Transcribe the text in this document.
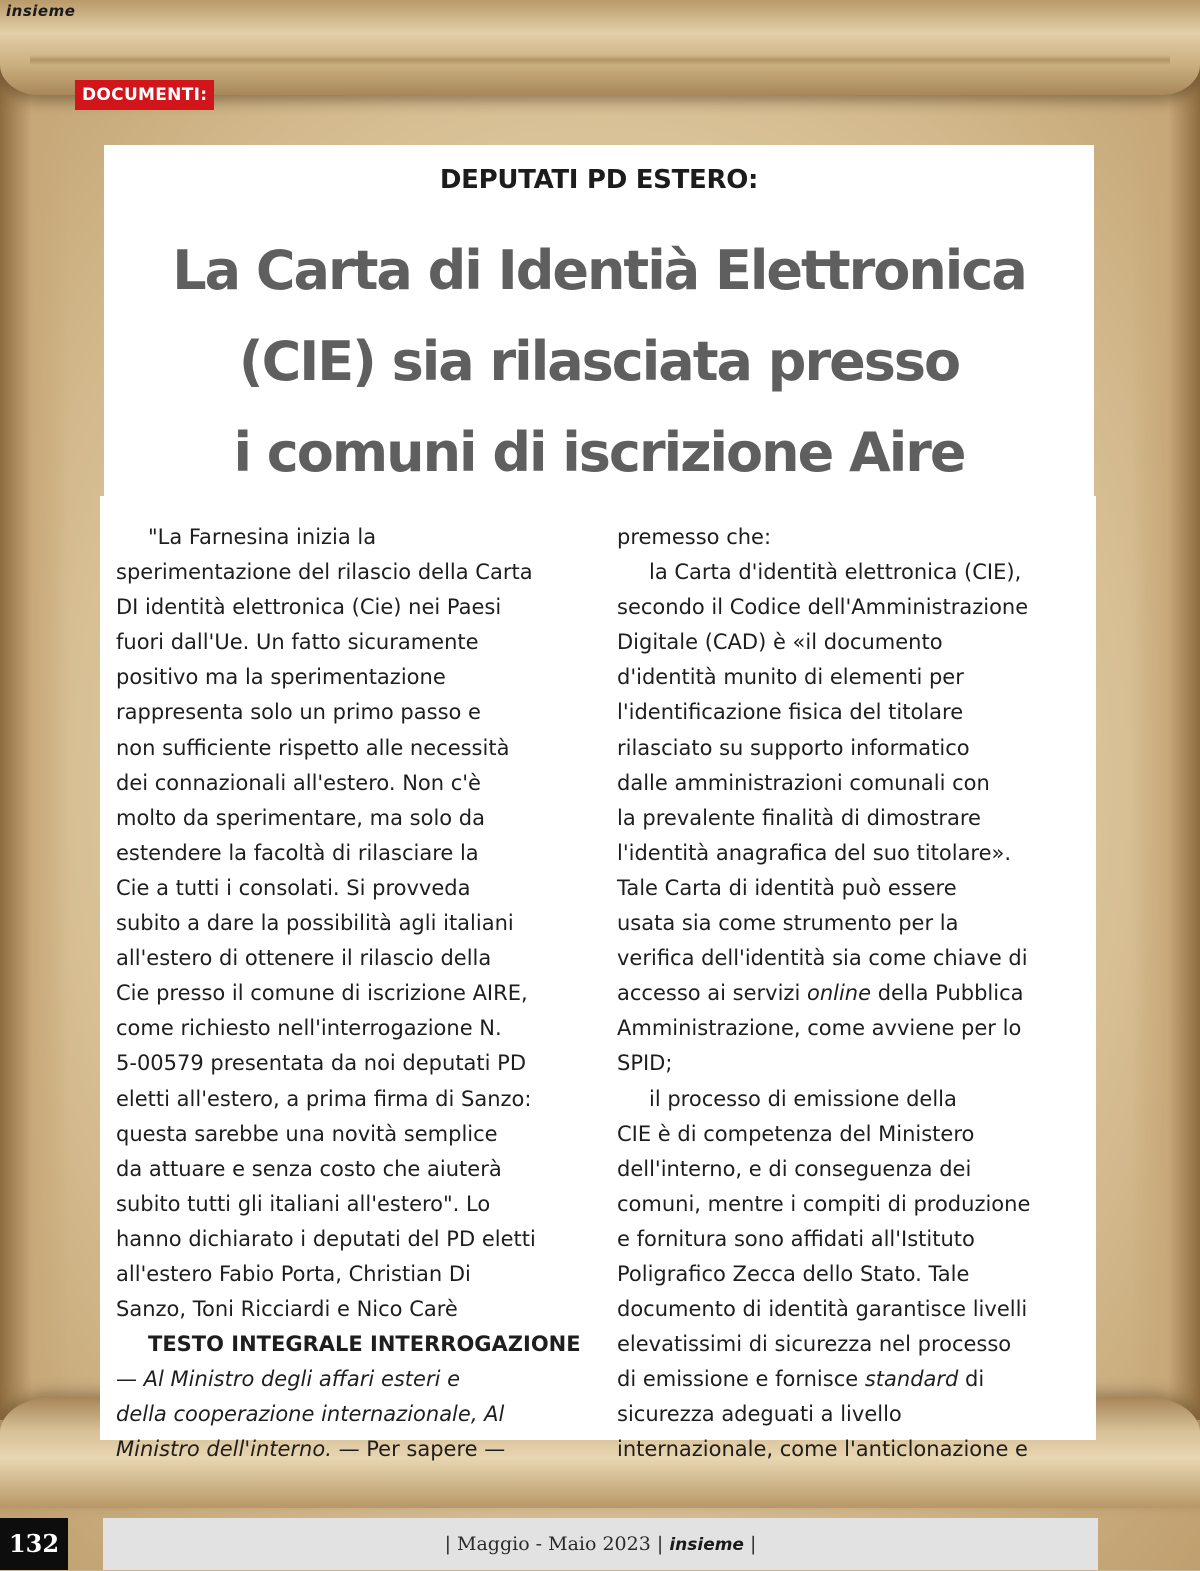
insieme
DOCUMENTI:
DEPUTATI PD ESTERO:
La Carta di Identià Elettronica
(CIE) sia rilasciata presso
i comuni di iscrizione Aire
"La Farnesina inizia la
sperimentazione del rilascio della Carta
DI identità elettronica (Cie) nei Paesi
fuori dall'Ue. Un fatto sicuramente
positivo ma la sperimentazione
rappresenta solo un primo passo e
non sufficiente rispetto alle necessità
dei connazionali all'estero. Non c'è
molto da sperimentare, ma solo da
estendere la facoltà di rilasciare la
Cie a tutti i consolati. Si provveda
subito a dare la possibilità agli italiani
all'estero di ottenere il rilascio della
Cie presso il comune di iscrizione AIRE,
come richiesto nell'interrogazione N.
5-00579 presentata da noi deputati PD
eletti all'estero, a prima firma di Sanzo:
questa sarebbe una novità semplice
da attuare e senza costo che aiuterà
subito tutti gli italiani all'estero". Lo
hanno dichiarato i deputati del PD eletti
all'estero Fabio Porta, Christian Di
Sanzo, Toni Ricciardi e Nico Carè
TESTO INTEGRALE INTERROGAZIONE
— Al Ministro degli affari esteri e
della cooperazione internazionale, Al
Ministro dell'interno. — Per sapere —
premesso che:
la Carta d'identità elettronica (CIE),
secondo il Codice dell'Amministrazione
Digitale (CAD) è «il documento
d'identità munito di elementi per
l'identificazione fisica del titolare
rilasciato su supporto informatico
dalle amministrazioni comunali con
la prevalente finalità di dimostrare
l'identità anagrafica del suo titolare».
Tale Carta di identità può essere
usata sia come strumento per la
verifica dell'identità sia come chiave di
accesso ai servizi online della Pubblica
Amministrazione, come avviene per lo
SPID;
il processo di emissione della
CIE è di competenza del Ministero
dell'interno, e di conseguenza dei
comuni, mentre i compiti di produzione
e fornitura sono affidati all'Istituto
Poligrafico Zecca dello Stato. Tale
documento di identità garantisce livelli
elevatissimi di sicurezza nel processo
di emissione e fornisce standard di
sicurezza adeguati a livello
internazionale, come l'anticlonazione e
132	| Maggio - Maio 2023 | insieme |
